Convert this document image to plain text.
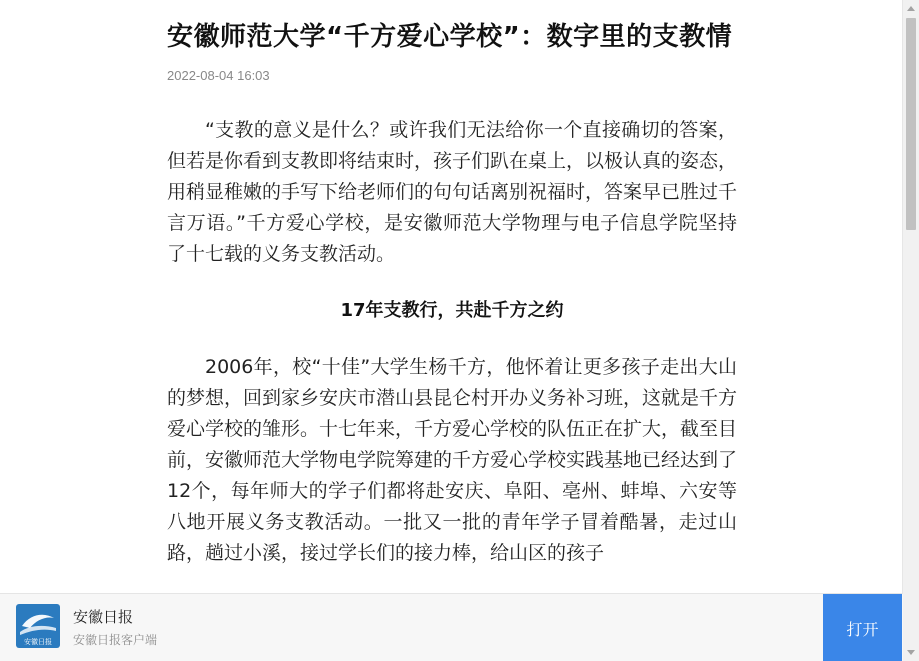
安徽师范大学“千方爱心学校”：数字里的支教情
2022-08-04 16:03

“支教的意义是什么？或许我们无法给你一个直接确切的答案，但若是你看到支教即将结束时，孩子们趴在桌上，以极认真的姿态，用稍显稚嫩的手写下给老师们的句句话离别祝福时，答案早已胜过千言万语。”千方爱心学校，是安徽师范大学物理与电子信息学院坚持了十七载的义务支教活动。

17年支教行，共赴千方之约

2006年，校“十佳”大学生杨千方，他怀着让更多孩子走出大山的梦想，回到家乡安庆市潜山县昆仑村开办义务补习班，这就是千方爱心学校的雏形。十七年来，千方爱心学校的队伍正在扩大，截至目前，安徽师范大学物电学院筹建的千方爱心学校实践基地已经达到了12个，每年师大的学子们都将赴安庆、阜阳、亳州、蚌埠、六安等八地开展义务支教活动。一批又一批的青年学子冒着酷暑，走过山路，趟过小溪，接过学长们的接力棒，给山区的孩子

安徽日报
安徽日报
安徽日报客户端
打开
